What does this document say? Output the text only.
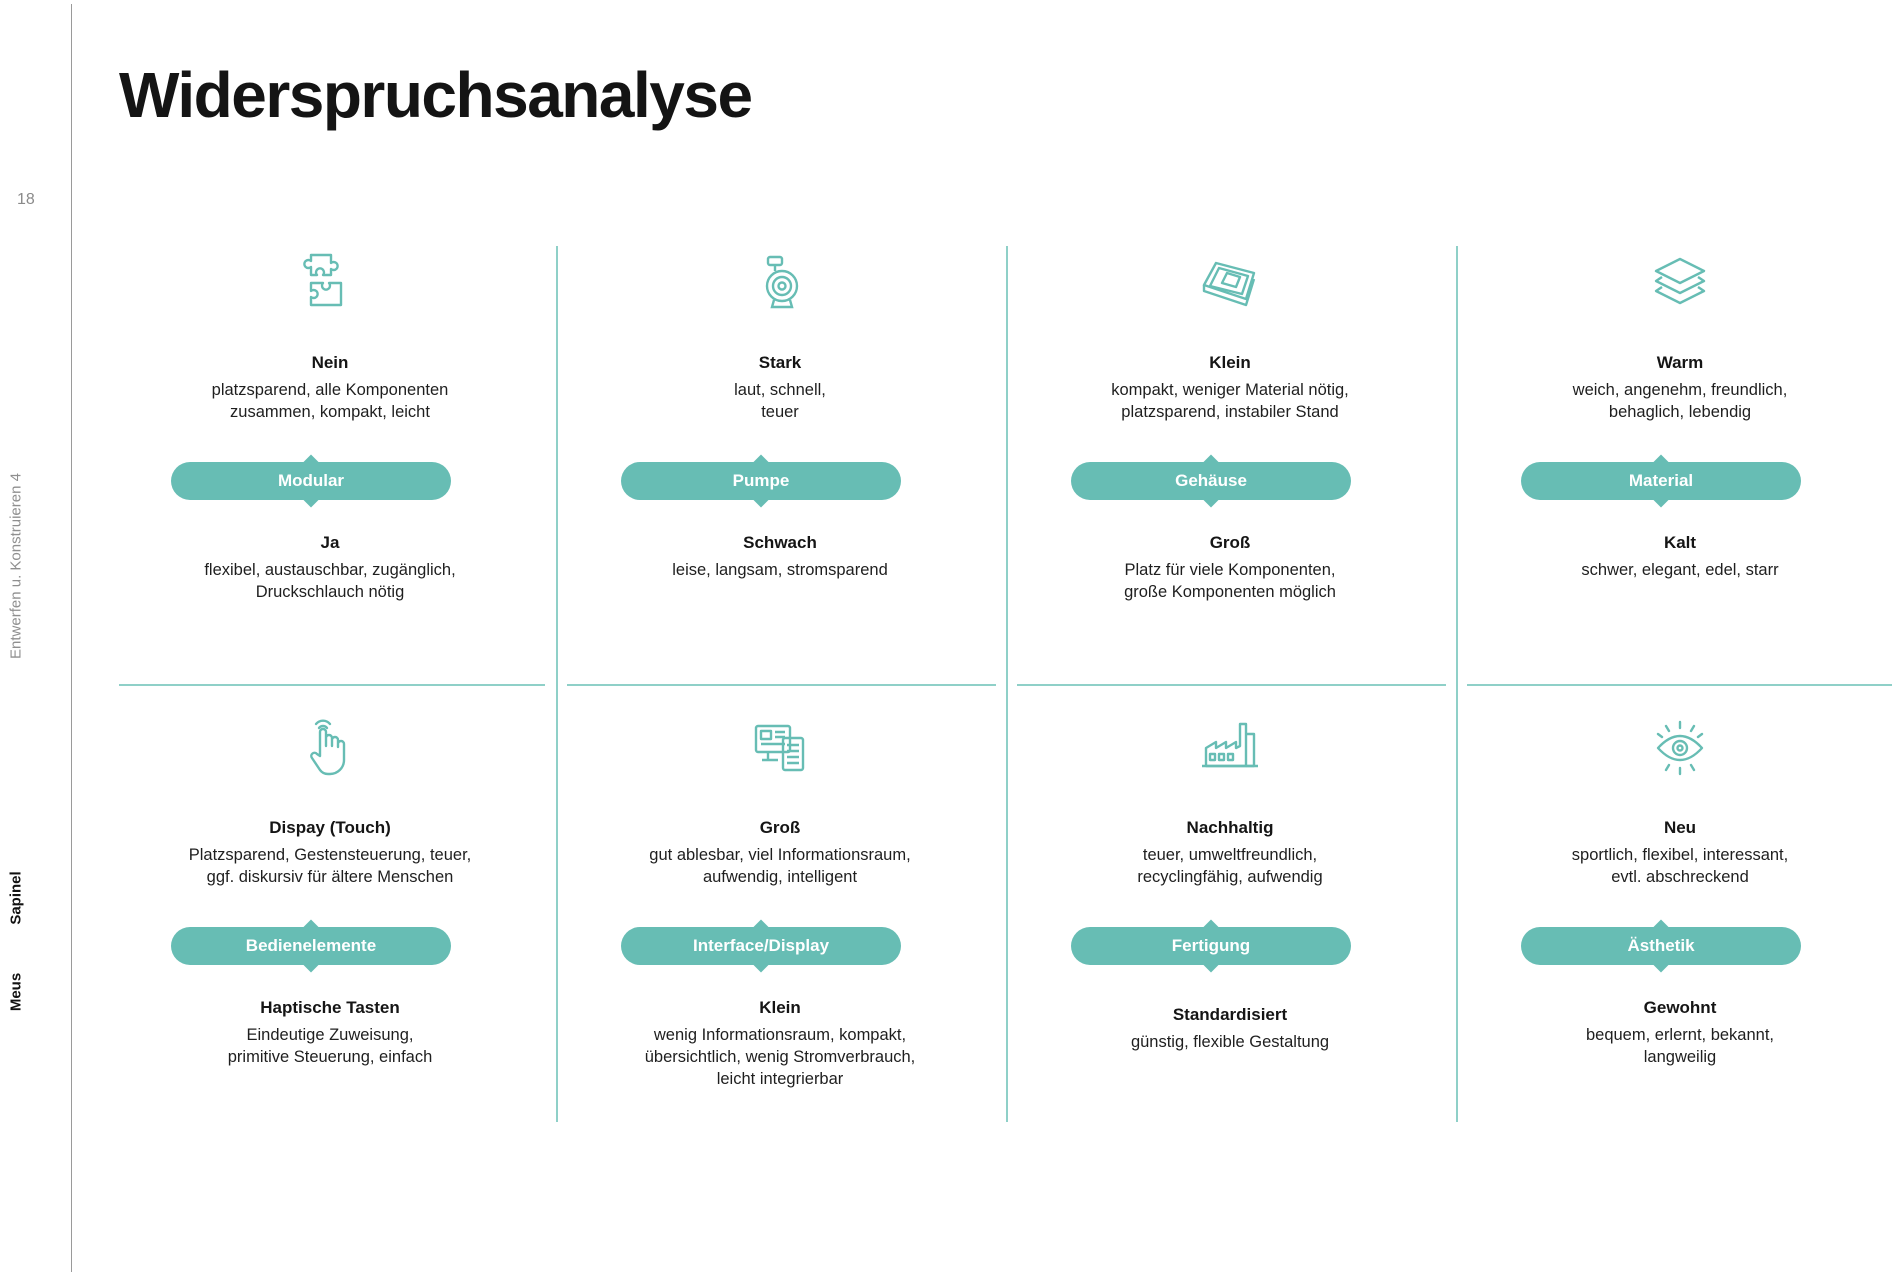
18
Entwerfen u. Konstruieren 4
Sapinel
Meus
Widerspruchsanalyse
Nein
platzsparend, alle Komponenten
zusammen, kompakt, leicht
Modular
Ja
flexibel, austauschbar, zugänglich,
Druckschlauch nötig
Stark
laut, schnell,
teuer
Pumpe
Schwach
leise, langsam, stromsparend
Klein
kompakt, weniger Material nötig,
platzsparend, instabiler Stand
Gehäuse
Groß
Platz für viele Komponenten,
große Komponenten möglich
Warm
weich, angenehm, freundlich,
behaglich, lebendig
Material
Kalt
schwer, elegant, edel, starr
Dispay (Touch)
Platzsparend, Gestensteuerung, teuer,
ggf. diskursiv für ältere Menschen
Bedienelemente
Haptische Tasten
Eindeutige Zuweisung,
primitive Steuerung, einfach
Groß
gut ablesbar, viel Informationsraum,
aufwendig, intelligent
Interface/Display
Klein
wenig Informationsraum, kompakt,
übersichtlich, wenig Stromverbrauch,
leicht integrierbar
Nachhaltig
teuer, umweltfreundlich,
recyclingfähig, aufwendig
Fertigung
Standardisiert
günstig, flexible Gestaltung
Neu
sportlich, flexibel, interessant,
evtl. abschreckend
Ästhetik
Gewohnt
bequem, erlernt, bekannt,
langweilig
